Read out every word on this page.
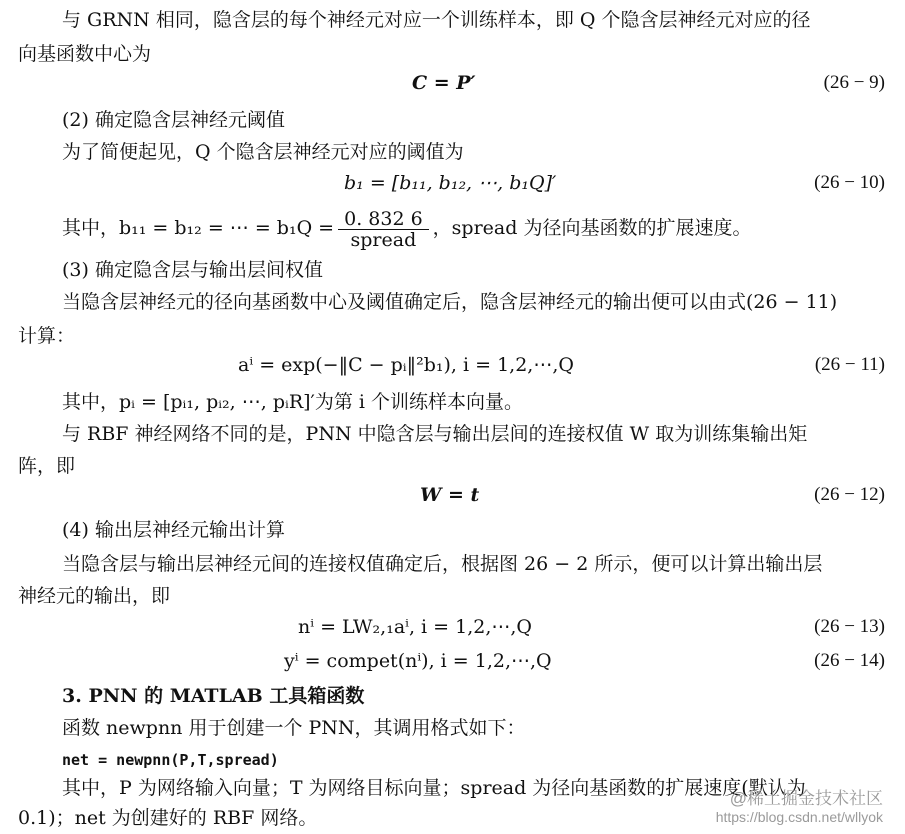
与 GRNN 相同，隐含层的每个神经元对应一个训练样本，即 Q 个隐含层神经元对应的径
向基函数中心为
C = P′	(26 − 9)
(2) 确定隐含层神经元阈值
为了简便起见，Q 个隐含层神经元对应的阈值为
b₁ = [b₁₁, b₁₂, ⋯, b₁Q]′	(26 − 10)
其中，b₁₁ = b₁₂ = ⋯ = $b_1Q = \frac{0. 832 6}{\text{spread}}$ ，spread 为径向基函数的扩展速度。
(3) 确定隐含层与输出层间权值
当隐含层神经元的径向基函数中心及阈值确定后，隐含层神经元的输出便可以由式(26 − 11)
计算：
aⁱ = exp(−‖C − pᵢ‖²b₁), i = 1,2,⋯,Q	(26 − 11)
其中，pᵢ = [pᵢ₁, pᵢ₂, ⋯, pᵢR]′为第 i 个训练样本向量。
与 RBF 神经网络不同的是，PNN 中隐含层与输出层间的连接权值 W 取为训练集输出矩
阵，即
W = t	(26 − 12)
(4) 输出层神经元输出计算
当隐含层与输出层神经元间的连接权值确定后，根据图 26 − 2 所示，便可以计算出输出层
神经元的输出，即
nⁱ = LW₂,₁aⁱ, i = 1,2,⋯,Q	(26 − 13)
yⁱ = compet(nⁱ), i = 1,2,⋯,Q	(26 − 14)
3. PNN 的 MATLAB 工具箱函数
函数 newpnn 用于创建一个 PNN，其调用格式如下：
net = newpnn(P,T,spread)
其中，P 为网络输入向量；T 为网络目标向量；spread 为径向基函数的扩展速度(默认为
0.1)；net 为创建好的 RBF 网络。
@稀土掘金技术社区
https://blog.csdn.net/wllyok
